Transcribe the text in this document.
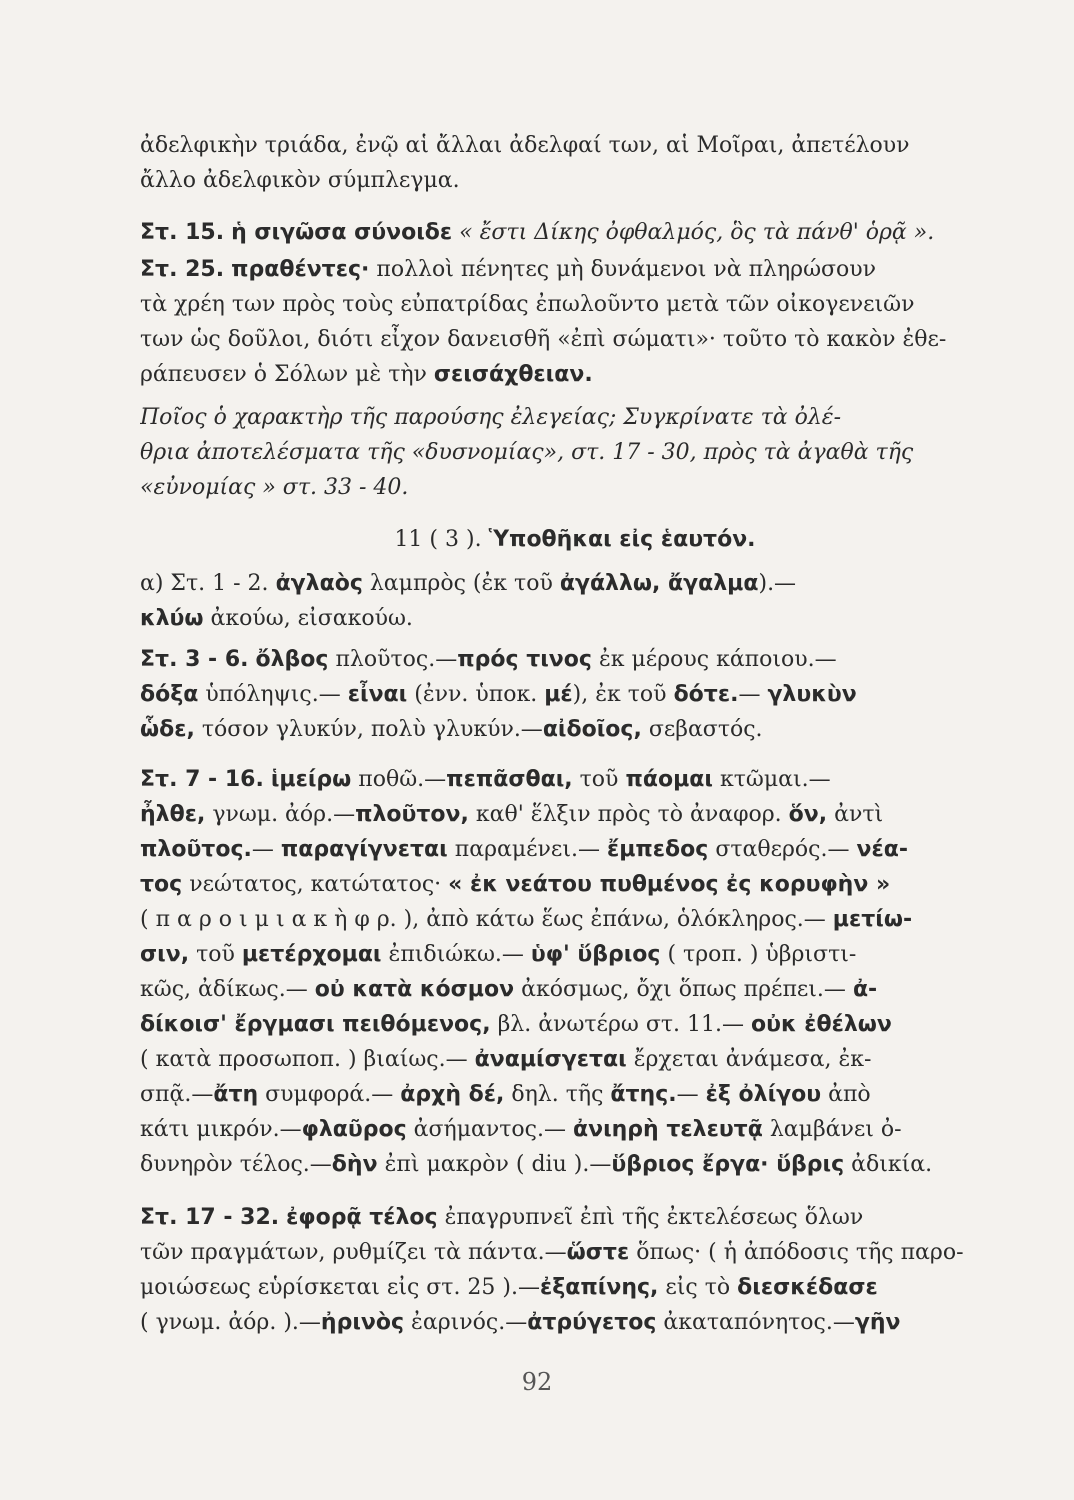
ἀδελφικὴν τριάδα, ἐνῷ αἱ ἄλλαι ἀδελφαί των, αἱ Μοῖραι, ἀπετέλουν
ἄλλο ἀδελφικὸν σύμπλεγμα.
Στ. 15. ἡ σιγῶσα σύνοιδε « ἔστι Δίκης ὀφθαλμός, ὃς τὰ πάνθ' ὁρᾷ ».
Στ. 25. πραθέντες· πολλοὶ πένητες μὴ δυνάμενοι νὰ πληρώσουν
τὰ χρέη των πρὸς τοὺς εὐπατρίδας ἐπωλοῦντο μετὰ τῶν οἰκογενειῶν
των ὡς δοῦλοι, διότι εἶχον δανεισθῆ «ἐπὶ σώματι»· τοῦτο τὸ κακὸν ἐθε-
ράπευσεν ὁ Σόλων μὲ τὴν σεισάχθειαν.
Ποῖος ὁ χαρακτὴρ τῆς παρούσης ἐλεγείας; Συγκρίνατε τὰ ὀλέ-
θρια ἀποτελέσματα τῆς «δυσνομίας», στ. 17 - 30, πρὸς τὰ ἀγαθὰ τῆς
«εὐνομίας » στ. 33 - 40.
11 ( 3 ). Ὑποθῆκαι εἰς ἑαυτόν.
α) Στ. 1 - 2. ἀγλαὸς λαμπρὸς (ἐκ τοῦ ἀγάλλω, ἄγαλμα).—
κλύω ἀκούω, εἰσακούω.
Στ. 3 - 6. ὄλβος πλοῦτος.—πρός τινος ἐκ μέρους κάποιου.—
δόξα ὑπόληψις.— εἶναι (ἐνν. ὑποκ. μέ), ἐκ τοῦ δότε.— γλυκὺν
ὧδε, τόσον γλυκύν, πολὺ γλυκύν.—αἰδοῖος, σεβαστός.
Στ. 7 - 16. ἱμείρω ποθῶ.—πεπᾶσθαι, τοῦ πάομαι κτῶμαι.—
ἦλθε, γνωμ. ἀόρ.—πλοῦτον, καθ' ἕλξιν πρὸς τὸ ἀναφορ. ὅν, ἀντὶ
πλοῦτος.— παραγίγνεται παραμένει.— ἔμπεδος σταθερός.— νέα-
τος νεώτατος, κατώτατος· « ἐκ νεάτου πυθμένος ἐς κορυφὴν »
( π α ρ ο ι μ ι α κ ὴ φ ρ. ), ἀπὸ κάτω ἕως ἐπάνω, ὁλόκληρος.— μετίω-
σιν, τοῦ μετέρχομαι ἐπιδιώκω.— ὑφ' ὕβριος ( τροπ. ) ὑβριστι-
κῶς, ἀδίκως.— οὐ κατὰ κόσμον ἀκόσμως, ὄχι ὅπως πρέπει.— ἀ-
δίκοισ' ἔργμασι πειθόμενος, βλ. ἀνωτέρω στ. 11.— οὐκ ἐθέλων
( κατὰ προσωποπ. ) βιαίως.— ἀναμίσγεται ἔρχεται ἀνάμεσα, ἐκ-
σπᾷ.—ἄτη συμφορά.— ἀρχὴ δέ, δηλ. τῆς ἄτης.— ἐξ ὀλίγου ἀπὸ
κάτι μικρόν.—φλαῦρος ἀσήμαντος.— ἀνιηρὴ τελευτᾷ λαμβάνει ὀ-
δυνηρὸν τέλος.—δὴν ἐπὶ μακρὸν ( diu ).—ὕβριος ἔργα· ὕβρις ἀδικία.
Στ. 17 - 32. ἐφορᾷ τέλος ἐπαγρυπνεῖ ἐπὶ τῆς ἐκτελέσεως ὅλων
τῶν πραγμάτων, ρυθμίζει τὰ πάντα.—ὥστε ὅπως· ( ἡ ἀπόδοσις τῆς παρο-
μοιώσεως εὑρίσκεται εἰς στ. 25 ).—ἐξαπίνης, εἰς τὸ διεσκέδασε
( γνωμ. ἀόρ. ).—ἠρινὸς ἐαρινός.—ἀτρύγετος ἀκαταπόνητος.—γῆν
92
